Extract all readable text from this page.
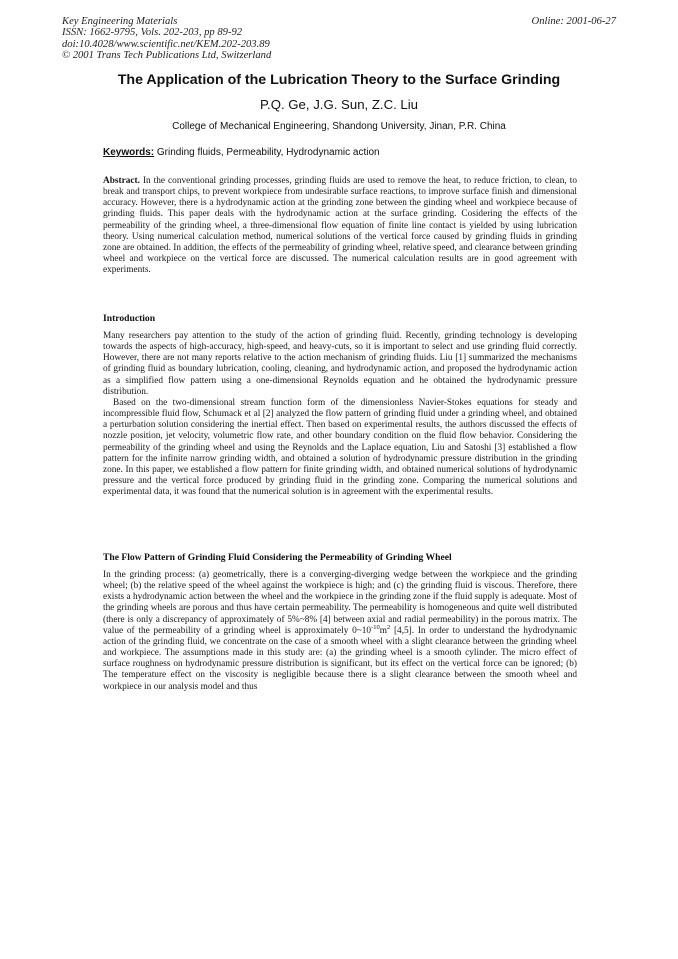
Key Engineering Materials
ISSN: 1662-9795, Vols. 202-203, pp 89-92
doi:10.4028/www.scientific.net/KEM.202-203.89
© 2001 Trans Tech Publications Ltd, Switzerland
Online: 2001-06-27
The Application of the Lubrication Theory to the Surface Grinding
P.Q. Ge, J.G. Sun, Z.C. Liu
College of Mechanical Engineering, Shandong University, Jinan, P.R. China
Keywords: Grinding fluids, Permeability, Hydrodynamic action
Abstract. In the conventional grinding processes, grinding fluids are used to remove the heat, to reduce friction, to clean, to break and transport chips, to prevent workpiece from undesirable surface reactions, to improve surface finish and dimensional accuracy. However, there is a hydrodynamic action at the grinding zone between the ginding wheel and workpiece because of grinding fluids. This paper deals with the hydrodynamic action at the surface grinding. Cosidering the effects of the permeability of the grinding wheel, a three-dimensional flow equation of finite line contact is yielded by using lubrication theory. Using numerical calculation method, numerical solutions of the vertical force caused by grinding fluids in grinding zone are obtained. In addition, the effects of the permeability of grinding wheel, relative speed, and clearance between grinding wheel and workpiece on the vertical force are discussed. The numerical calculation results are in good agreement with experiments.
Introduction
Many researchers pay attention to the study of the action of grinding fluid. Recently, grinding technology is developing towards the aspects of high-accuracy, high-speed, and heavy-cuts, so it is important to select and use grinding fluid correctly. However, there are not many reports relative to the action mechanism of grinding fluids. Liu [1] summarized the mechanisms of grinding fluid as boundary lubrication, cooling, cleaning, and hydrodynamic action, and proposed the hydrodynamic action as a simplified flow pattern using a one-dimensional Reynolds equation and he obtained the hydrodynamic pressure distribution.
Based on the two-dimensional stream function form of the dimensionless Navier-Stokes equations for steady and incompressible fluid flow, Schumack et al [2] analyzed the flow pattern of grinding fluid under a grinding wheel, and obtained a perturbation solution considering the inertial effect. Then based on experimental results, the authors discussed the effects of nozzle position, jet velocity, volumetric flow rate, and other boundary condition on the fluid flow behavior. Considering the permeability of the grinding wheel and using the Reynolds and the Laplace equation, Liu and Satoshi [3] established a flow pattern for the infinite narrow grinding width, and obtained a solution of hydrodynamic pressure distribution in the grinding zone. In this paper, we established a flow pattern for finite grinding width, and obtained numerical solutions of hydrodynamic pressure and the vertical force produced by grinding fluid in the grinding zone. Comparing the numerical solutions and experimental data, it was found that the numerical solution is in agreement with the experimental results.
The Flow Pattern of Grinding Fluid Considering the Permeability of Grinding Wheel
In the grinding process: (a) geometrically, there is a converging-diverging wedge between the workpiece and the grinding wheel; (b) the relative speed of the wheel against the workpiece is high; and (c) the grinding fluid is viscous. Therefore, there exists a hydrodynamic action between the wheel and the workpiece in the grinding zone if the fluid supply is adequate. Most of the grinding wheels are porous and thus have certain permeability. The permeability is homogeneous and quite well distributed (there is only a discrepancy of approximately of 5%~8% [4] between axial and radial permeability) in the porous matrix. The value of the permeability of a grinding wheel is approximately $0\sim 10^{-10}m^2$ [4,5]. In order to understand the hydrodynamic action of the grinding fluid, we concentrate on the case of a smooth wheel with a slight clearance between the grinding wheel and workpiece. The assumptions made in this study are: (a) the grinding wheel is a smooth cylinder. The micro effect of surface roughness on hydrodynamic pressure distribution is significant, but its effect on the vertical force can be ignored; (b) The temperature effect on the viscosity is negligible because there is a slight clearance between the smooth wheel and workpiece in our analysis model and thus
